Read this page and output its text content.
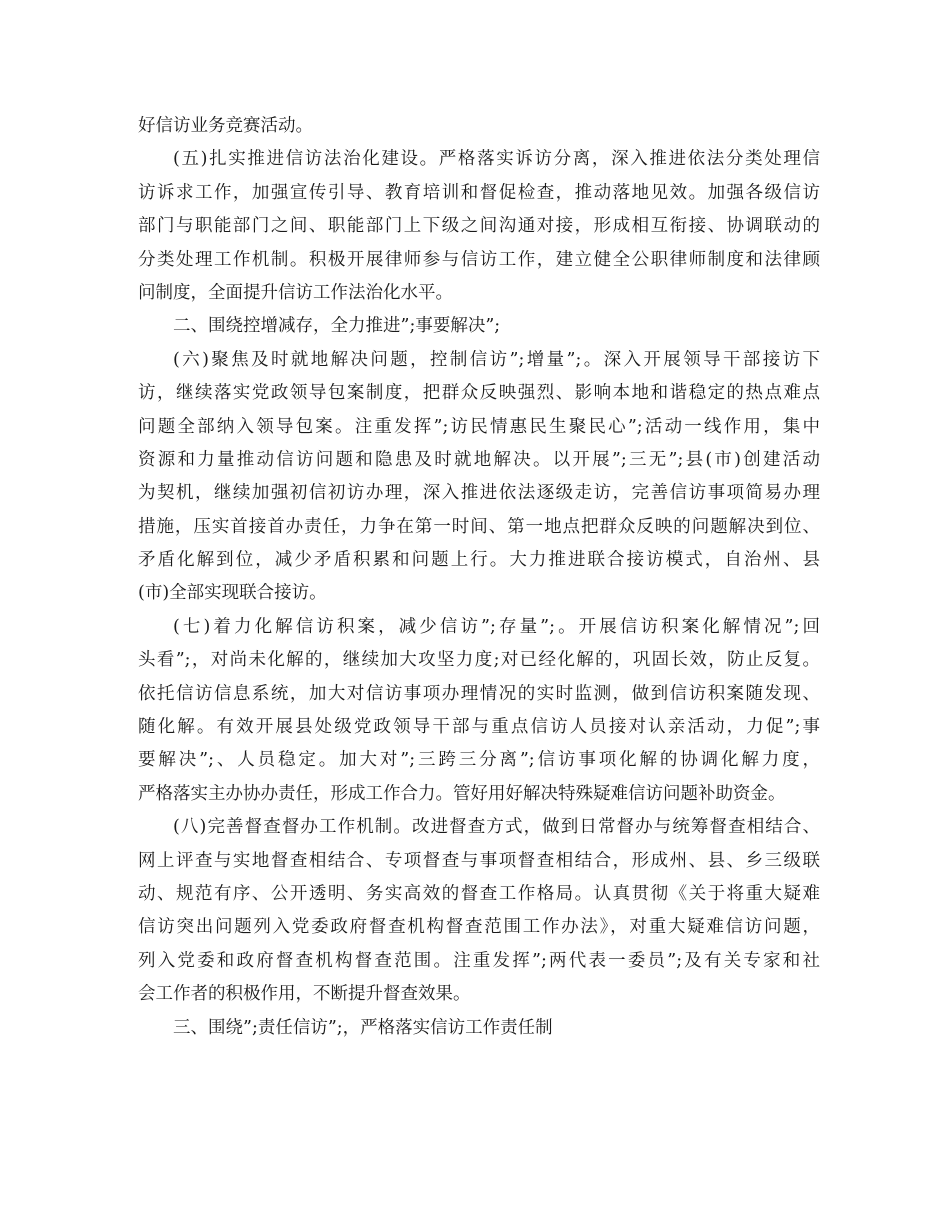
好信访业务竞赛活动。
(五)扎实推进信访法治化建设。严格落实诉访分离，深入推进依法分类处理信
访诉求工作，加强宣传引导、教育培训和督促检查，推动落地见效。加强各级信访
部门与职能部门之间、职能部门上下级之间沟通对接，形成相互衔接、协调联动的
分类处理工作机制。积极开展律师参与信访工作，建立健全公职律师制度和法律顾
问制度，全面提升信访工作法治化水平。
二、围绕控增减存，全力推进”;事要解决”;
(六)聚焦及时就地解决问题，控制信访”;增量”;。深入开展领导干部接访下
访，继续落实党政领导包案制度，把群众反映强烈、影响本地和谐稳定的热点难点
问题全部纳入领导包案。注重发挥”;访民情惠民生聚民心”;活动一线作用，集中
资源和力量推动信访问题和隐患及时就地解决。以开展”;三无”;县(市)创建活动
为契机，继续加强初信初访办理，深入推进依法逐级走访，完善信访事项简易办理
措施，压实首接首办责任，力争在第一时间、第一地点把群众反映的问题解决到位、
矛盾化解到位，减少矛盾积累和问题上行。大力推进联合接访模式，自治州、县
(市)全部实现联合接访。
(七)着力化解信访积案，减少信访”;存量”;。开展信访积案化解情况”;回
头看”;，对尚未化解的，继续加大攻坚力度;对已经化解的，巩固长效，防止反复。
依托信访信息系统，加大对信访事项办理情况的实时监测，做到信访积案随发现、
随化解。有效开展县处级党政领导干部与重点信访人员接对认亲活动，力促”;事
要解决”;、人员稳定。加大对”;三跨三分离”;信访事项化解的协调化解力度，
严格落实主办协办责任，形成工作合力。管好用好解决特殊疑难信访问题补助资金。
(八)完善督查督办工作机制。改进督查方式，做到日常督办与统筹督查相结合、
网上评查与实地督查相结合、专项督查与事项督查相结合，形成州、县、乡三级联
动、规范有序、公开透明、务实高效的督查工作格局。认真贯彻《关于将重大疑难
信访突出问题列入党委政府督查机构督查范围工作办法》，对重大疑难信访问题，
列入党委和政府督查机构督查范围。注重发挥”;两代表一委员”;及有关专家和社
会工作者的积极作用，不断提升督查效果。
三、围绕”;责任信访”;，严格落实信访工作责任制
